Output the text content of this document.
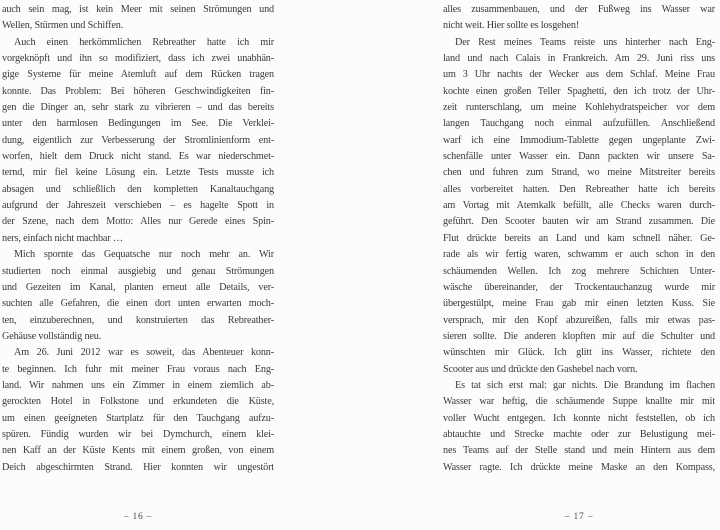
auch sein mag, ist kein Meer mit seinen Strömungen und
Wellen, Stürmen und Schiffen.
Auch einen herkömmlichen Rebreather hatte ich mir
vorgeknöpft und ihn so modifiziert, dass ich zwei unabhän-
gige Systeme für meine Atemluft auf dem Rücken tragen
konnte. Das Problem: Bei höheren Geschwindigkeiten fin-
gen die Dinger an, sehr stark zu vibrieren – und das bereits
unter den harmlosen Bedingungen im See. Die Verklei-
dung, eigentlich zur Verbesserung der Stromlinienform ent-
worfen, hielt dem Druck nicht stand. Es war niederschmet-
ternd, mir fiel keine Lösung ein. Letzte Tests musste ich
absagen und schließlich den kompletten Kanaltauchgang
aufgrund der Jahreszeit verschieben – es hagelte Spott in
der Szene, nach dem Motto: Alles nur Gerede eines Spin-
ners, einfach nicht machbar …
Mich spornte das Gequatsche nur noch mehr an. Wir
studierten noch einmal ausgiebig und genau Strömungen
und Gezeiten im Kanal, planten erneut alle Details, ver-
suchten alle Gefahren, die einen dort unten erwarten moch-
ten, einzuberechnen, und konstruierten das Rebreather-
Gehäuse vollständig neu.
Am 26. Juni 2012 war es soweit, das Abenteuer konn-
te beginnen. Ich fuhr mit meiner Frau voraus nach Eng-
land. Wir nahmen uns ein Zimmer in einem ziemlich ab-
gerockten Hotel in Folkstone und erkundeten die Küste,
um einen geeigneten Startplatz für den Tauchgang aufzu-
spüren. Fündig wurden wir bei Dymchurch, einem klei-
nen Kaff an der Küste Kents mit einem großen, von einem
Deich abgeschirmten Strand. Hier konnten wir ungestört
– 16 –
alles zusammenbauen, und der Fußweg ins Wasser war
nicht weit. Hier sollte es losgehen!
Der Rest meines Teams reiste uns hinterher nach Eng-
land und nach Calais in Frankreich. Am 29. Juni riss uns
um 3 Uhr nachts der Wecker aus dem Schlaf. Meine Frau
kochte einen großen Teller Spaghetti, den ich trotz der Uhr-
zeit runterschlang, um meine Kohlehydratspeicher vor dem
langen Tauchgang noch einmal aufzufüllen. Anschließend
warf ich eine Immodium-Tablette gegen ungeplante Zwi-
schenfälle unter Wasser ein. Dann packten wir unsere Sa-
chen und fuhren zum Strand, wo meine Mitstreiter bereits
alles vorbereitet hatten. Den Rebreather hatte ich bereits
am Vortag mit Atemkalk befüllt, alle Checks waren durch-
geführt. Den Scooter bauten wir am Strand zusammen. Die
Flut drückte bereits an Land und kam schnell näher. Ge-
rade als wir fertig waren, schwamm er auch schon in den
schäumenden Wellen. Ich zog mehrere Schichten Unter-
wäsche übereinander, der Trockentauchanzug wurde mir
übergestülpt, meine Frau gab mir einen letzten Kuss. Sie
versprach, mir den Kopf abzureißen, falls mir etwas pas-
sieren sollte. Die anderen klopften mir auf die Schulter und
wünschten mir Glück. Ich glitt ins Wasser, richtete den
Scooter aus und drückte den Gashebel nach vorn.
Es tat sich erst mal: gar nichts. Die Brandung im flachen
Wasser war heftig, die schäumende Suppe knallte mir mit
voller Wucht entgegen. Ich konnte nicht feststellen, ob ich
abtauchte und Strecke machte oder zur Belustigung mei-
nes Teams auf der Stelle stand und mein Hintern aus dem
Wasser ragte. Ich drückte meine Maske an den Kompass,
– 17 –
